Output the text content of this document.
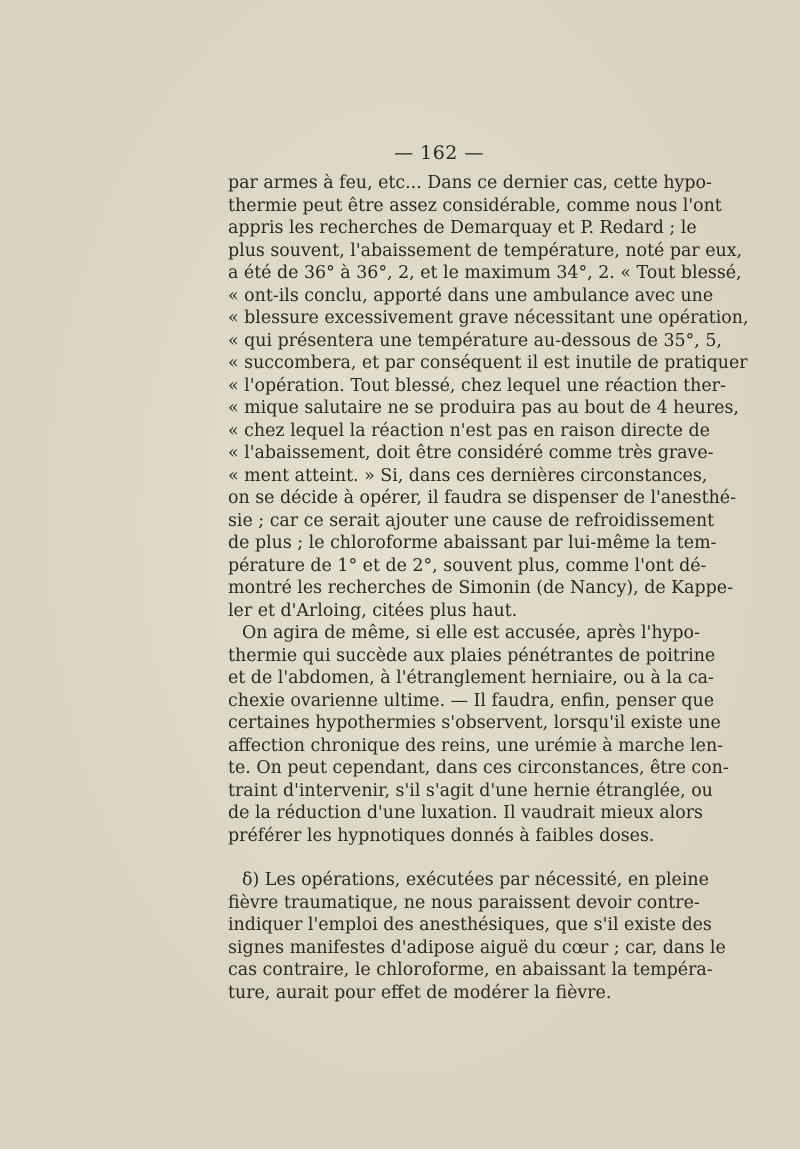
— 162 —
par armes à feu, etc... Dans ce dernier cas, cette hypo-
thermie peut être assez considérable, comme nous l'ont
appris les recherches de Demarquay et P. Redard ; le
plus souvent, l'abaissement de température, noté par eux,
a été de 36° à 36°, 2, et le maximum 34°, 2. « Tout blessé,
« ont-ils conclu, apporté dans une ambulance avec une
« blessure excessivement grave nécessitant une opération,
« qui présentera une température au-dessous de 35°, 5,
« succombera, et par conséquent il est inutile de pratiquer
« l'opération. Tout blessé, chez lequel une réaction ther-
« mique salutaire ne se produira pas au bout de 4 heures,
« chez lequel la réaction n'est pas en raison directe de
« l'abaissement, doit être considéré comme très grave-
« ment atteint. » Si, dans ces dernières circonstances,
on se décide à opérer, il faudra se dispenser de l'anesthé-
sie ; car ce serait ajouter une cause de refroidissement
de plus ; le chloroforme abaissant par lui-même la tem-
pérature de 1° et de 2°, souvent plus, comme l'ont dé-
montré les recherches de Simonin (de Nancy), de Kappe-
ler et d'Arloing, citées plus haut.
On agira de même, si elle est accusée, après l'hypo-
thermie qui succède aux plaies pénétrantes de poitrine
et de l'abdomen, à l'étranglement herniaire, ou à la ca-
chexie ovarienne ultime. — Il faudra, enfin, penser que
certaines hypothermies s'observent, lorsqu'il existe une
affection chronique des reins, une urémie à marche len-
te. On peut cependant, dans ces circonstances, être con-
traint d'intervenir, s'il s'agit d'une hernie étranglée, ou
de la réduction d'une luxation. Il vaudrait mieux alors
préférer les hypnotiques donnés à faibles doses.
δ) Les opérations, exécutées par nécessité, en pleine
fièvre traumatique, ne nous paraissent devoir contre-
indiquer l'emploi des anesthésiques, que s'il existe des
signes manifestes d'adipose aiguë du cœur ; car, dans le
cas contraire, le chloroforme, en abaissant la tempéra-
ture, aurait pour effet de modérer la fièvre.
